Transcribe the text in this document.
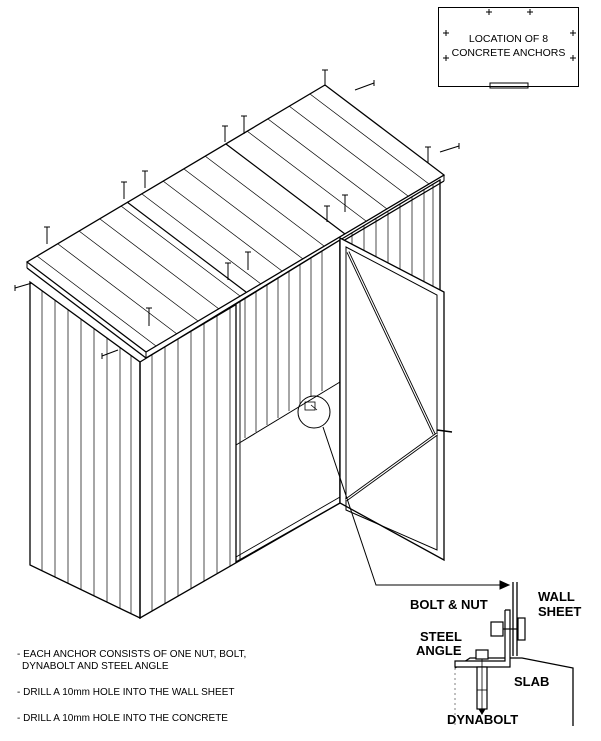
LOCATION OF 8
CONCRETE ANCHORS
BOLT & NUT
WALL
SHEET
STEEL
ANGLE
SLAB
DYNABOLT
- EACH ANCHOR CONSISTS OF ONE NUT, BOLT,
DYNABOLT AND STEEL ANGLE
- DRILL A 10mm HOLE INTO THE WALL SHEET
- DRILL A 10mm HOLE INTO THE CONCRETE
